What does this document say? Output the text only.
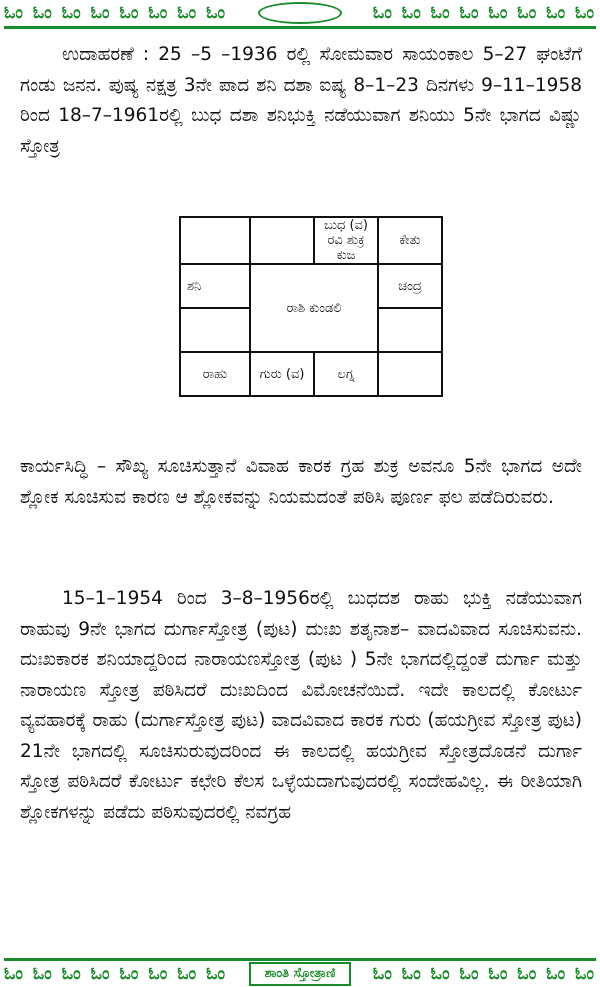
ಓಂ ಓಂ ಓಂ ಓಂ ಓಂ ಓಂ ಓಂ ಓಂ	ಓಂ ಓಂ ಓಂ ಓಂ ಓಂ ಓಂ ಓಂ ಓಂ

ಉದಾಹರಣೆ : 25 –5 –1936 ರಲ್ಲಿ ಸೋಮವಾರ ಸಾಯಂಕಾಲ 5–27 ಘಂಟೆಗೆ ಗಂಡು ಜನನ. ಪುಷ್ಯ ನಕ್ಷತ್ರ 3ನೇ ಪಾದ ಶನಿ ದಶಾ ಐಷ್ಯ 8–1–23 ದಿನಗಳು 9–11–1958 ರಿಂದ 18–7–1961ರಲ್ಲಿ ಬುಧ ದಶಾ ಶನಿಭುಕ್ತಿ ನಡೆಯುವಾಗ ಶನಿಯು 5ನೇ ಭಾಗದ ವಿಷ್ಣು ಸ್ತೋತ್ರ

		ಬುಧ (ವ)
ರವಿ ಶುಕ್ರ
ಕುಜ	ಕೇತು
ಶನಿ	ರಾಶಿ ಕುಂಡಲಿ		ಚಂದ್ರ

ರಾಹು	ಗುರು (ವ)	ಲಗ್ನ	

ಕಾರ್ಯಸಿದ್ಧಿ – ಸೌಖ್ಯ ಸೂಚಿಸುತ್ತಾನೆ ವಿವಾಹ ಕಾರಕ ಗ್ರಹ ಶುಕ್ರ ಅವನೂ 5ನೇ ಭಾಗದ ಅದೇ ಶ್ಲೋಕ ಸೂಚಿಸುವ ಕಾರಣ ಆ ಶ್ಲೋಕವನ್ನು ನಿಯಮದಂತೆ ಪಠಿಸಿ ಪೂರ್ಣ ಫಲ ಪಡೆದಿರುವರು.

15–1–1954 ರಿಂದ 3–8–1956ರಲ್ಲಿ ಬುಧದಶ ರಾಹು ಭುಕ್ತಿ ನಡೆಯುವಾಗ ರಾಹುವು 9ನೇ ಭಾಗದ ದುರ್ಗಾಸ್ತೋತ್ರ (ಪುಟ) ದುಃಖ ಶತೃನಾಶ– ವಾದವಿವಾದ ಸೂಚಿಸುವನು. ದುಃಖಕಾರಕ ಶನಿಯಾದ್ದರಿಂದ ನಾರಾಯಣಸ್ತೋತ್ರ (ಪುಟ ) 5ನೇ ಭಾಗದಲ್ಲಿದ್ದಂತೆ ದುರ್ಗಾ ಮತ್ತು ನಾರಾಯಣ ಸ್ತೋತ್ರ ಪಠಿಸಿದರೆ ದುಃಖದಿಂದ ವಿಮೋಚನೆಯಿದೆ. ಇದೇ ಕಾಲದಲ್ಲಿ ಕೋರ್ಟು ವ್ಯವಹಾರಕ್ಕೆ ರಾಹು (ದುರ್ಗಾಸ್ತೋತ್ರ ಪುಟ) ವಾದವಿವಾದ ಕಾರಕ ಗುರು (ಹಯಗ್ರೀವ ಸ್ತೋತ್ರ ಪುಟ) 21ನೇ ಭಾಗದಲ್ಲಿ ಸೂಚಿಸುರುವುದರಿಂದ ಈ ಕಾಲದಲ್ಲಿ ಹಯಗ್ರೀವ ಸ್ತೋತ್ರದೊಡನೆ ದುರ್ಗಾ ಸ್ತೋತ್ರ ಪಠಿಸಿದರೆ ಕೋರ್ಟು ಕಛೇರಿ ಕೆಲಸ ಒಳ್ಳೆಯದಾಗುವುದರಲ್ಲಿ ಸಂದೇಹವಿಲ್ಲ. ಈ ರೀತಿಯಾಗಿ ಶ್ಲೋಕಗಳನ್ನು ಪಡೆದು ಪಠಿಸುವುದರಲ್ಲಿ ನವಗ್ರಹ

ಓಂ ಓಂ ಓಂ ಓಂ ಓಂ ಓಂ ಓಂ ಓಂ	ಶಾಂತಿ ಸ್ತೋತ್ರಾಣಿ	ಓಂ ಓಂ ಓಂ ಓಂ ಓಂ ಓಂ ಓಂ ಓಂ
